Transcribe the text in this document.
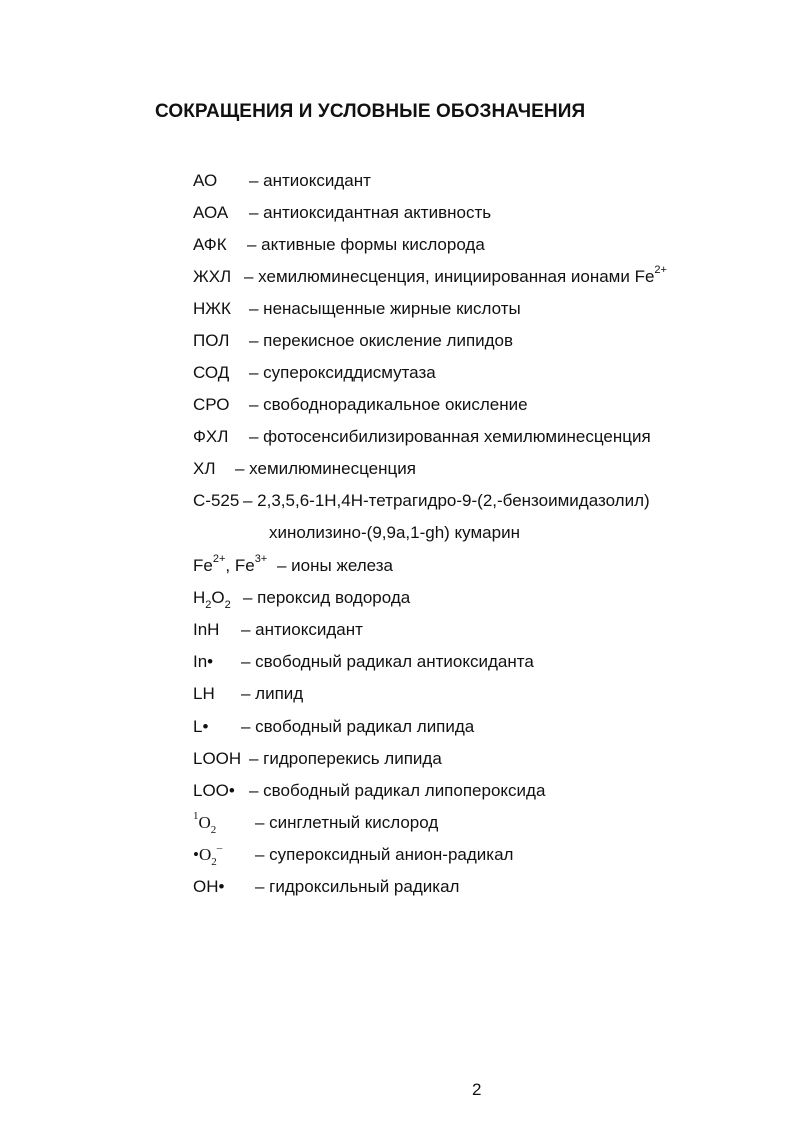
СОКРАЩЕНИЯ И УСЛОВНЫЕ ОБОЗНАЧЕНИЯ
АО – антиоксидант
АОА – антиоксидантная активность
АФК – активные формы кислорода
ЖХЛ – хемилюминесценция, инициированная ионами $Fe^{2+}$
НЖК – ненасыщенные жирные кислоты
ПОЛ – перекисное окисление липидов
СОД – супероксиддисмутаза
СРО – свободнорадикальное окисление
ФХЛ – фотосенсибилизированная хемилюминесценция
ХЛ – хемилюминесценция
С-525 – 2,3,5,6-1Н,4Н-тетрагидро-9-(2,-бензоимидазолил)
хинолизино-(9,9а,1-gh) кумарин
$Fe^{2+}$, $Fe^{3+}$ – ионы железа
$H_2O_2$ – пероксид водорода
InH – антиоксидант
In• – свободный радикал антиоксиданта
LH – липид
L• – свободный радикал липида
LOOH – гидроперекись липида
LOO• – свободный радикал липопероксида
$^1O_2$ – синглетный кислород
$•O_2^-$ – супероксидный анион-радикал
OH• – гидроксильный радикал
2
